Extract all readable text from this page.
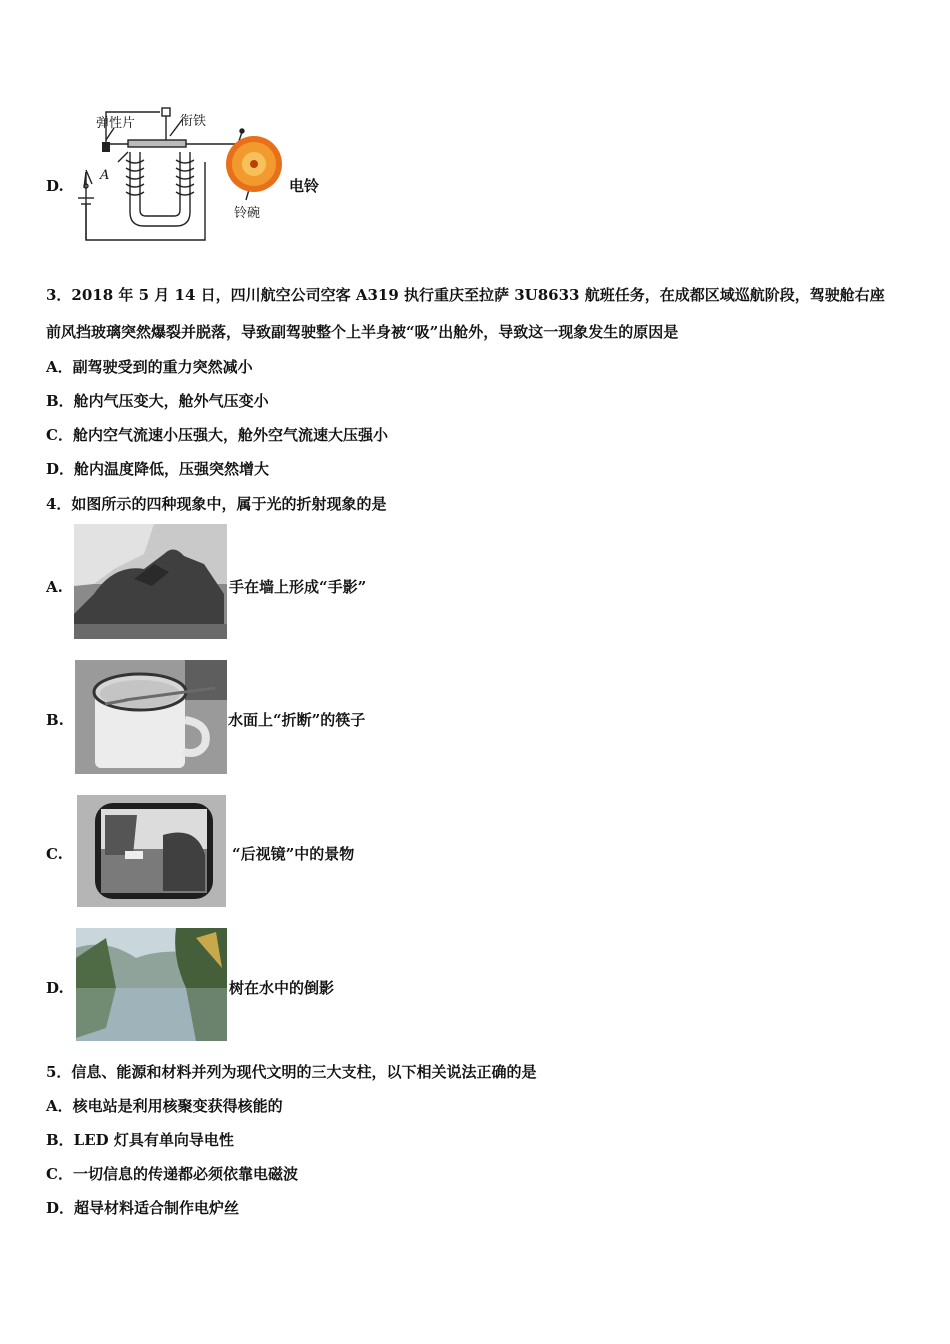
D.
弹性片	衔铁
A
铃碗
电铃
3．2018 年 5 月 14 日，四川航空公司空客 A319 执行重庆至拉萨 3U8633 航班任务，在成都区域巡航阶段，驾驶舱右座
前风挡玻璃突然爆裂并脱落，导致副驾驶整个上半身被“吸”出舱外，导致这一现象发生的原因是
A．副驾驶受到的重力突然减小
B．舱内气压变大，舱外气压变小
C．舱内空气流速小压强大，舱外空气流速大压强小
D．舱内温度降低，压强突然增大
4．如图所示的四种现象中，属于光的折射现象的是
A.	手在墙上形成“手影”
B.	水面上“折断”的筷子
C.	“后视镜”中的景物
D.	树在水中的倒影
5．信息、能源和材料并列为现代文明的三大支柱，以下相关说法正确的是
A．核电站是利用核聚变获得核能的
B．LED 灯具有单向导电性
C．一切信息的传递都必须依靠电磁波
D．超导材料适合制作电炉丝
